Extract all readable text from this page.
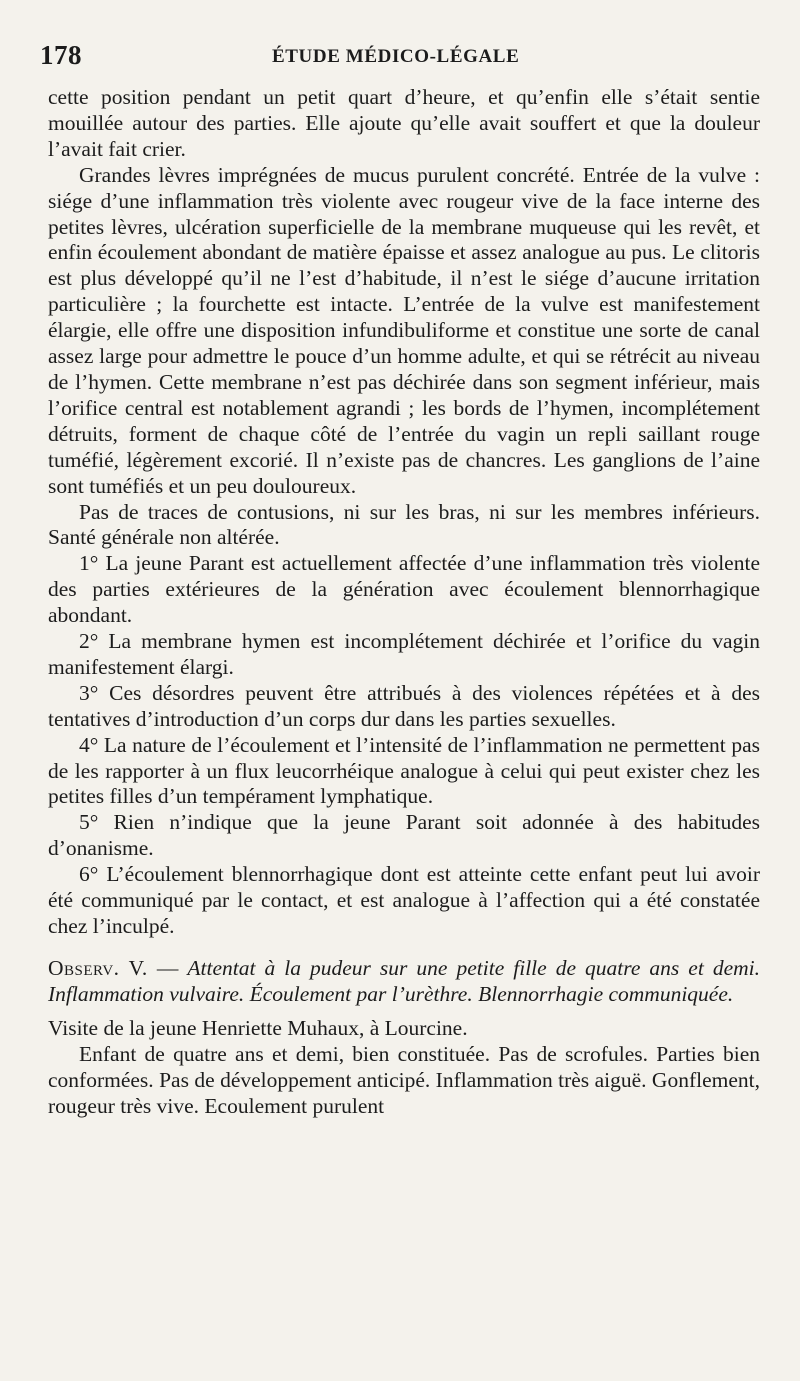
178	ÉTUDE MÉDICO-LÉGALE

cette position pendant un petit quart d’heure, et qu’enfin elle s’était sentie mouillée autour des parties. Elle ajoute qu’elle avait souffert et que la douleur l’avait fait crier.

Grandes lèvres imprégnées de mucus purulent concrété. Entrée de la vulve : siége d’une inflammation très violente avec rougeur vive de la face interne des petites lèvres, ulcération superficielle de la membrane muqueuse qui les revêt, et enfin écoulement abondant de matière épaisse et assez analogue au pus. Le clitoris est plus développé qu’il ne l’est d’habitude, il n’est le siége d’aucune irritation particulière ; la fourchette est intacte. L’entrée de la vulve est manifestement élargie, elle offre une disposition infundibuliforme et constitue une sorte de canal assez large pour admettre le pouce d’un homme adulte, et qui se rétrécit au niveau de l’hymen. Cette membrane n’est pas déchirée dans son segment inférieur, mais l’orifice central est notablement agrandi ; les bords de l’hymen, incomplétement détruits, forment de chaque côté de l’entrée du vagin un repli saillant rouge tuméfié, légèrement excorié. Il n’existe pas de chancres. Les ganglions de l’aine sont tuméfiés et un peu douloureux.

Pas de traces de contusions, ni sur les bras, ni sur les membres inférieurs. Santé générale non altérée.

1° La jeune Parant est actuellement affectée d’une inflammation très violente des parties extérieures de la génération avec écoulement blennorrhagique abondant.

2° La membrane hymen est incomplétement déchirée et l’orifice du vagin manifestement élargi.

3° Ces désordres peuvent être attribués à des violences répétées et à des tentatives d’introduction d’un corps dur dans les parties sexuelles.

4° La nature de l’écoulement et l’intensité de l’inflammation ne permettent pas de les rapporter à un flux leucorrhéique analogue à celui qui peut exister chez les petites filles d’un tempérament lymphatique.

5° Rien n’indique que la jeune Parant soit adonnée à des habitudes d’onanisme.

6° L’écoulement blennorrhagique dont est atteinte cette enfant peut lui avoir été communiqué par le contact, et est analogue à l’affection qui a été constatée chez l’inculpé.

Observ. V. — Attentat à la pudeur sur une petite fille de quatre ans et demi. Inflammation vulvaire. Écoulement par l’urèthre. Blennorrhagie communiquée.

Visite de la jeune Henriette Muhaux, à Lourcine.

Enfant de quatre ans et demi, bien constituée. Pas de scrofules. Parties bien conformées. Pas de développement anticipé. Inflammation très aiguë. Gonflement, rougeur très vive. Ecoulement purulent
